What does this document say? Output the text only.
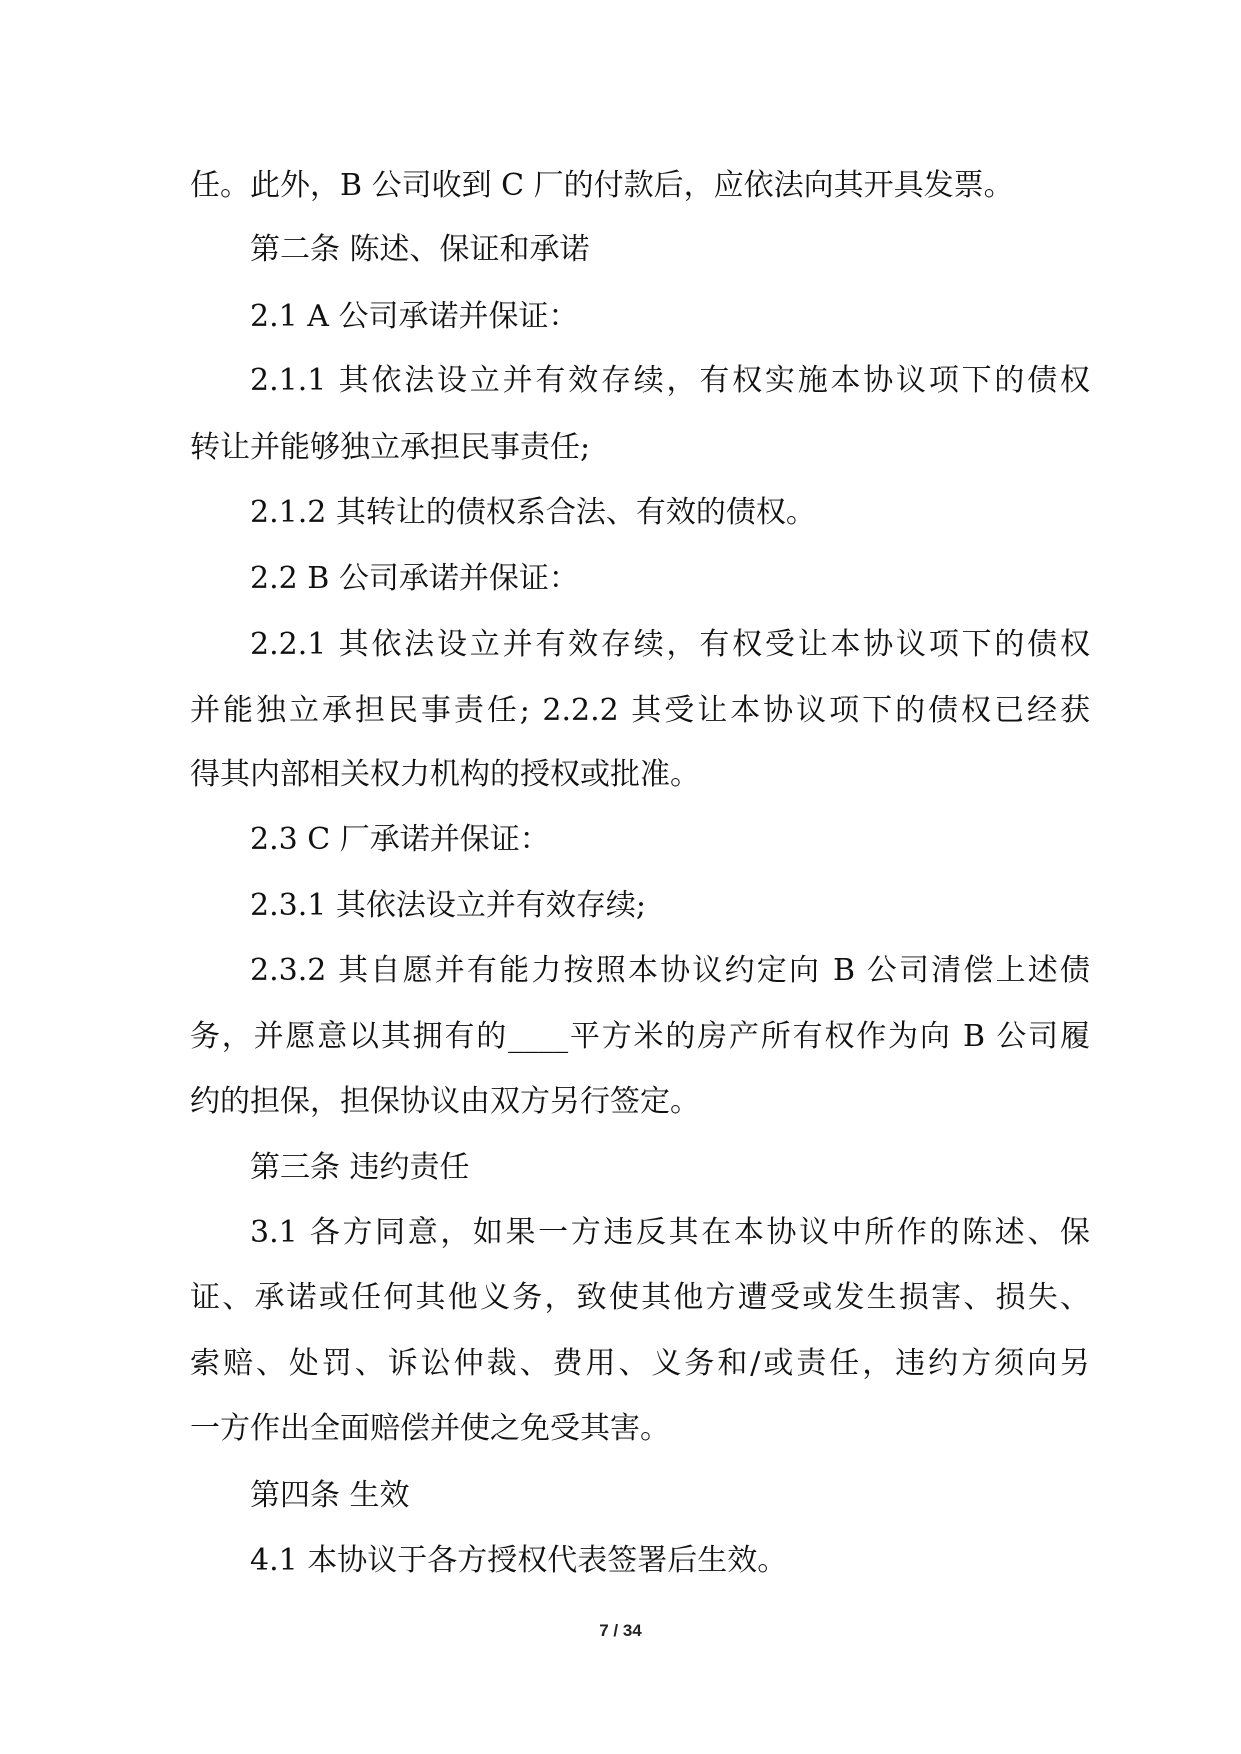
任。此外，B 公司收到 C 厂的付款后，应依法向其开具发票。
第二条 陈述、保证和承诺
2.1 A 公司承诺并保证：
2.1.1 其依法设立并有效存续，有权实施本协议项下的债权
转让并能够独立承担民事责任;
2.1.2 其转让的债权系合法、有效的债权。
2.2 B 公司承诺并保证：
2.2.1 其依法设立并有效存续，有权受让本协议项下的债权
并能独立承担民事责任; 2.2.2 其受让本协议项下的债权已经获
得其内部相关权力机构的授权或批准。
2.3 C 厂承诺并保证：
2.3.1 其依法设立并有效存续;
2.3.2 其自愿并有能力按照本协议约定向 B 公司清偿上述债
务，并愿意以其拥有的____平方米的房产所有权作为向 B 公司履
约的担保，担保协议由双方另行签定。
第三条 违约责任
3.1 各方同意，如果一方违反其在本协议中所作的陈述、保
证、承诺或任何其他义务，致使其他方遭受或发生损害、损失、
索赔、处罚、诉讼仲裁、费用、义务和/或责任，违约方须向另
一方作出全面赔偿并使之免受其害。
第四条 生效
4.1 本协议于各方授权代表签署后生效。
7 / 34
